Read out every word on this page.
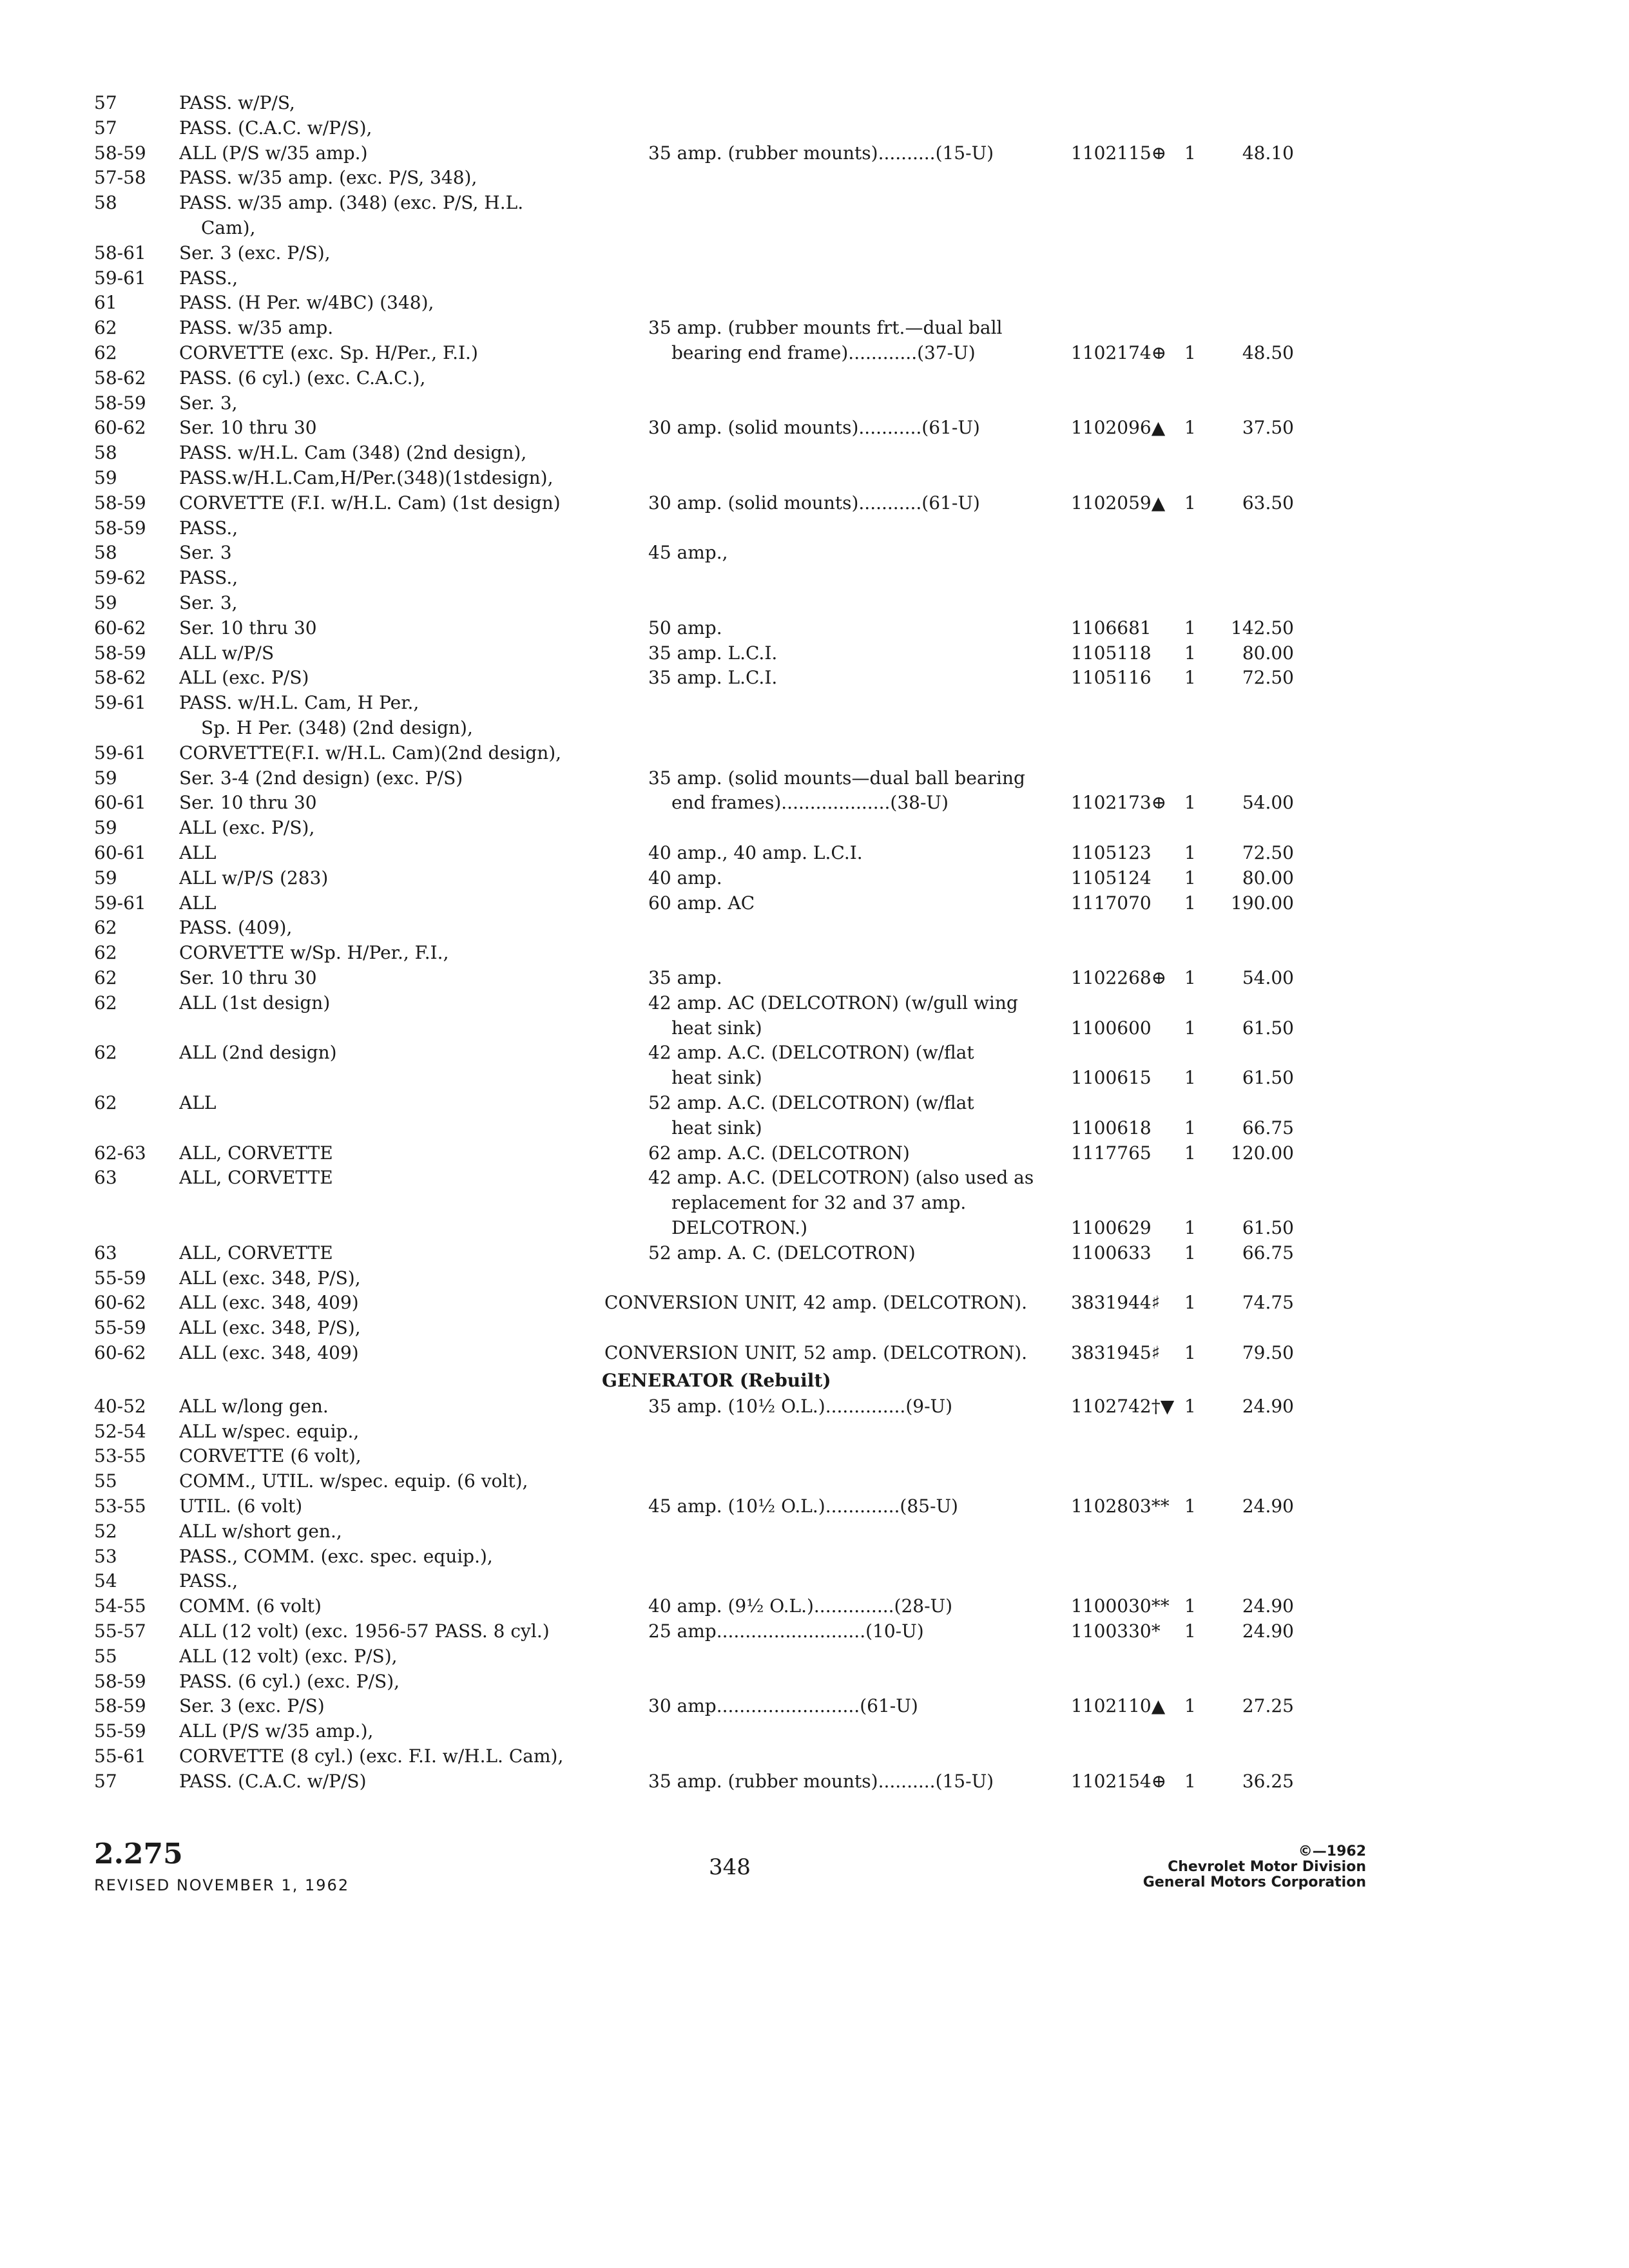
57	PASS. w/P/S,
57	PASS. (C.A.C. w/P/S),
58-59	ALL (P/S w/35 amp.)	35 amp. (rubber mounts)..........(15-U)	1102115⊕ 1	48.10
57-58	PASS. w/35 amp. (exc. P/S, 348),
58	PASS. w/35 amp. (348) (exc. P/S, H.L.
Cam),
58-61	Ser. 3 (exc. P/S),
59-61	PASS.,
61	PASS. (H Per. w/4BC) (348),
62	PASS. w/35 amp.	35 amp. (rubber mounts frt.—dual ball
62	CORVETTE (exc. Sp. H/Per., F.I.)	bearing end frame)............(37-U)	1102174⊕ 1	48.50
58-62	PASS. (6 cyl.) (exc. C.A.C.),
58-59	Ser. 3,
60-62	Ser. 10 thru 30	30 amp. (solid mounts)...........(61-U)	1102096▲	1	37.50
58	PASS. w/H.L. Cam (348) (2nd design),
59	PASS.w/H.L.Cam,H/Per.(348)(1stdesign),
58-59	CORVETTE (F.I. w/H.L. Cam) (1st design)	30 amp. (solid mounts)...........(61-U)	1102059▲	1	63.50
58-59	PASS.,
58	Ser. 3	45 amp.,
59-62	PASS.,
59	Ser. 3,
60-62	Ser. 10 thru 30	50 amp.	1106681	1	142.50
58-59	ALL w/P/S	35 amp. L.C.I.	1105118	1	80.00
58-62	ALL (exc. P/S)	35 amp. L.C.I.	1105116	1	72.50
59-61	PASS. w/H.L. Cam, H Per.,
Sp. H Per. (348) (2nd design),
59-61	CORVETTE(F.I. w/H.L. Cam)(2nd design),
59	Ser. 3-4 (2nd design) (exc. P/S)	35 amp. (solid mounts—dual ball bearing
60-61	Ser. 10 thru 30	end frames)...................(38-U)	1102173⊕ 1	54.00
59	ALL (exc. P/S),
60-61	ALL	40 amp., 40 amp. L.C.I.	1105123	1	72.50
59	ALL w/P/S (283)	40 amp.	1105124	1	80.00
59-61	ALL	60 amp. AC	1117070	1	190.00
62	PASS. (409),
62	CORVETTE w/Sp. H/Per., F.I.,
62	Ser. 10 thru 30	35 amp.	1102268⊕ 1	54.00
62	ALL (1st design)	42 amp. AC (DELCOTRON) (w/gull wing
heat sink)	1100600	1	61.50
62	ALL (2nd design)	42 amp. A.C. (DELCOTRON) (w/flat
heat sink)	1100615	1	61.50
62	ALL	52 amp. A.C. (DELCOTRON) (w/flat
heat sink)	1100618	1	66.75
62-63	ALL, CORVETTE	62 amp. A.C. (DELCOTRON)	1117765	1	120.00
63	ALL, CORVETTE	42 amp. A.C. (DELCOTRON) (also used as
replacement for 32 and 37 amp.
DELCOTRON.)	1100629	1	61.50
63	ALL, CORVETTE	52 amp. A. C. (DELCOTRON)	1100633	1	66.75
55-59	ALL (exc. 348, P/S),
60-62	ALL (exc. 348, 409)	CONVERSION UNIT, 42 amp. (DELCOTRON).	3831944♯	1	74.75
55-59	ALL (exc. 348, P/S),
60-62	ALL (exc. 348, 409)	CONVERSION UNIT, 52 amp. (DELCOTRON).	3831945♯	1	79.50
40-52	ALL w/long gen.	35 amp. (10½ O.L.)..............(9-U)	1102742†▼ 1	24.90
52-54	ALL w/spec. equip.,
53-55	CORVETTE (6 volt),
55	COMM., UTIL. w/spec. equip. (6 volt),
53-55	UTIL. (6 volt)	45 amp. (10½ O.L.).............(85-U)	1102803** 1	24.90
52	ALL w/short gen.,
53	PASS., COMM. (exc. spec. equip.),
54	PASS.,
54-55	COMM. (6 volt)	40 amp. (9½ O.L.)..............(28-U)	1100030** 1	24.90
55-57	ALL (12 volt) (exc. 1956-57 PASS. 8 cyl.)	25 amp..........................(10-U)	1100330*	1	24.90
55	ALL (12 volt) (exc. P/S),
58-59	PASS. (6 cyl.) (exc. P/S),
58-59	Ser. 3 (exc. P/S)	30 amp.........................(61-U)	1102110▲	1	27.25
55-59	ALL (P/S w/35 amp.),
55-61	CORVETTE (8 cyl.) (exc. F.I. w/H.L. Cam),
57	PASS. (C.A.C. w/P/S)	35 amp. (rubber mounts)..........(15-U)	1102154⊕ 1	36.25
GENERATOR (Rebuilt)
2.275
REVISED NOVEMBER 1, 1962
348
©—1962
Chevrolet Motor Division
General Motors Corporation
